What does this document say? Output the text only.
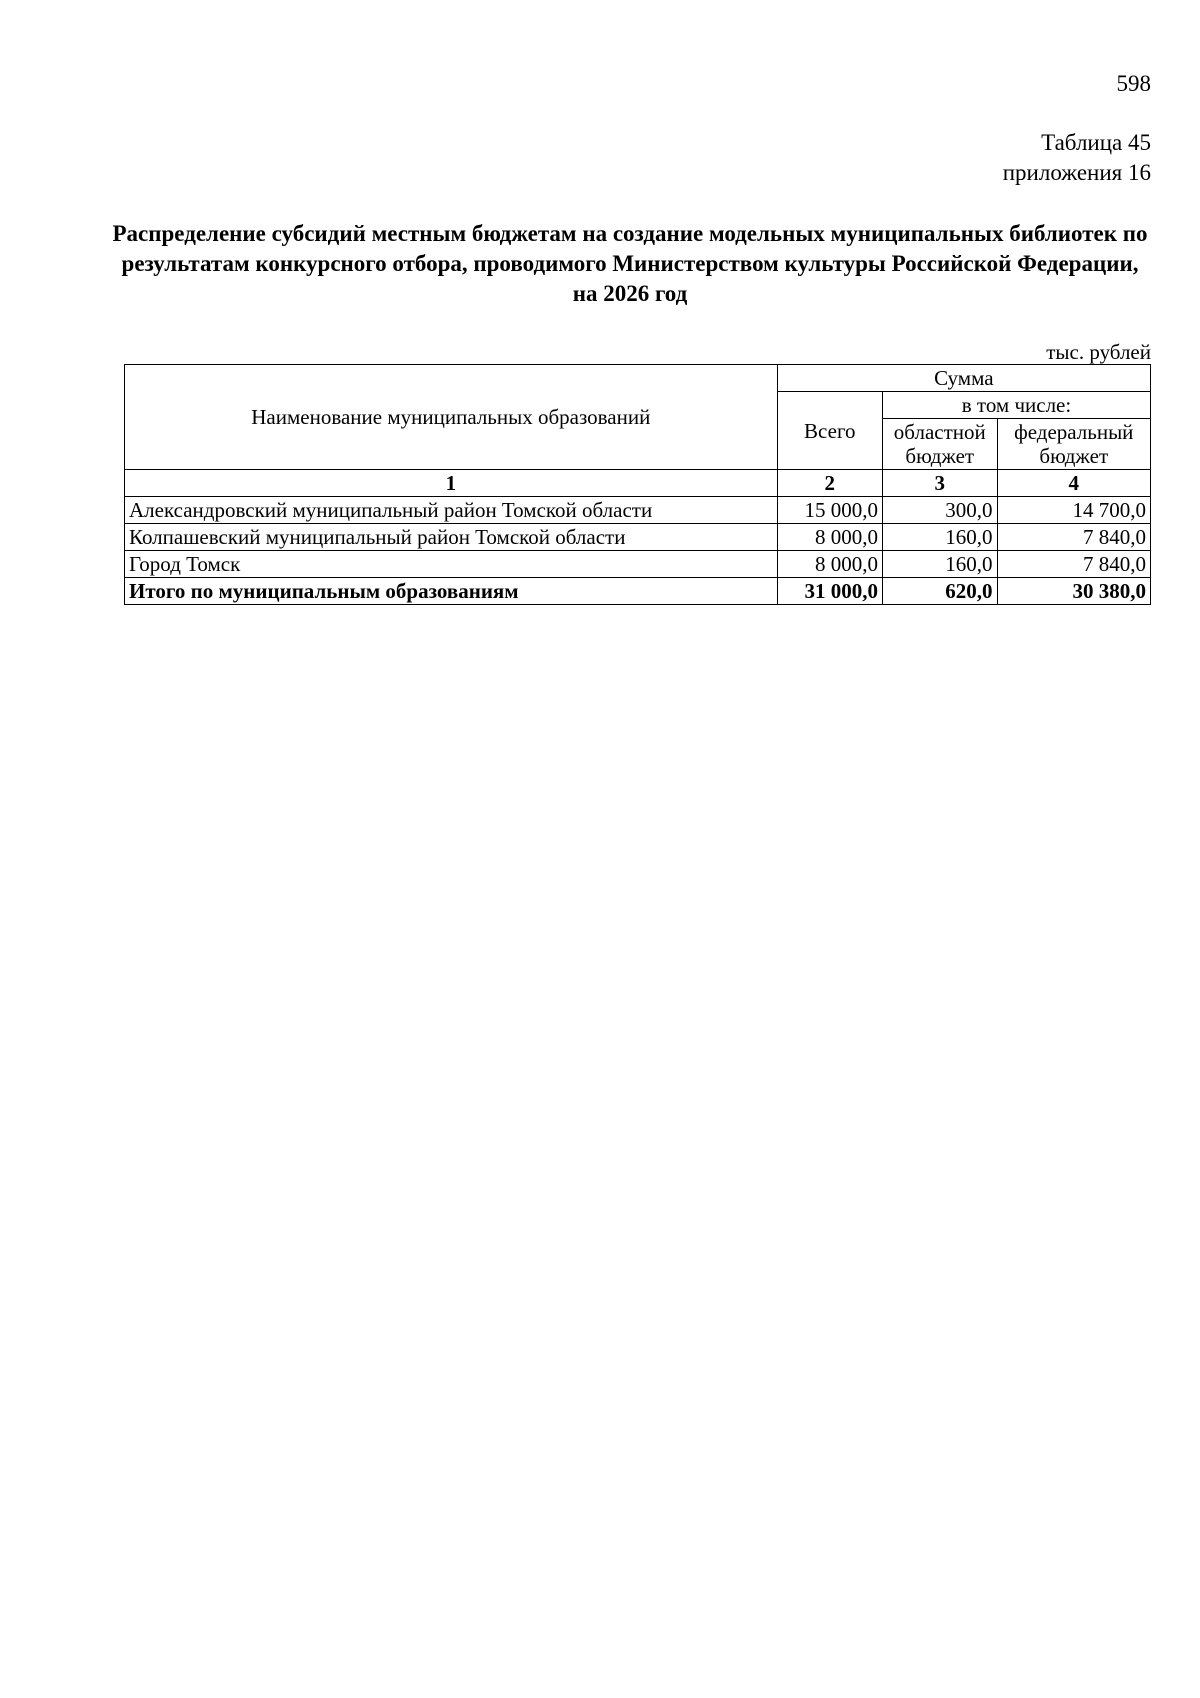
598
Таблица 45
приложения 16
Распределение субсидий местным бюджетам на создание модельных муниципальных библиотек по результатам конкурсного отбора, проводимого Министерством культуры Российской Федерации, на 2026 год
тыс. рублей
Наименование муниципальных образований	Сумма		
	Всего	в том числе:	
		областной бюджет	федеральный бюджет
1	2	3	4
Александровский муниципальный район Томской области	15 000,0	300,0	14 700,0
Колпашевский муниципальный район Томской области	8 000,0	160,0	7 840,0
Город Томск	8 000,0	160,0	7 840,0
Итого по муниципальным образованиям	31 000,0	620,0	30 380,0
